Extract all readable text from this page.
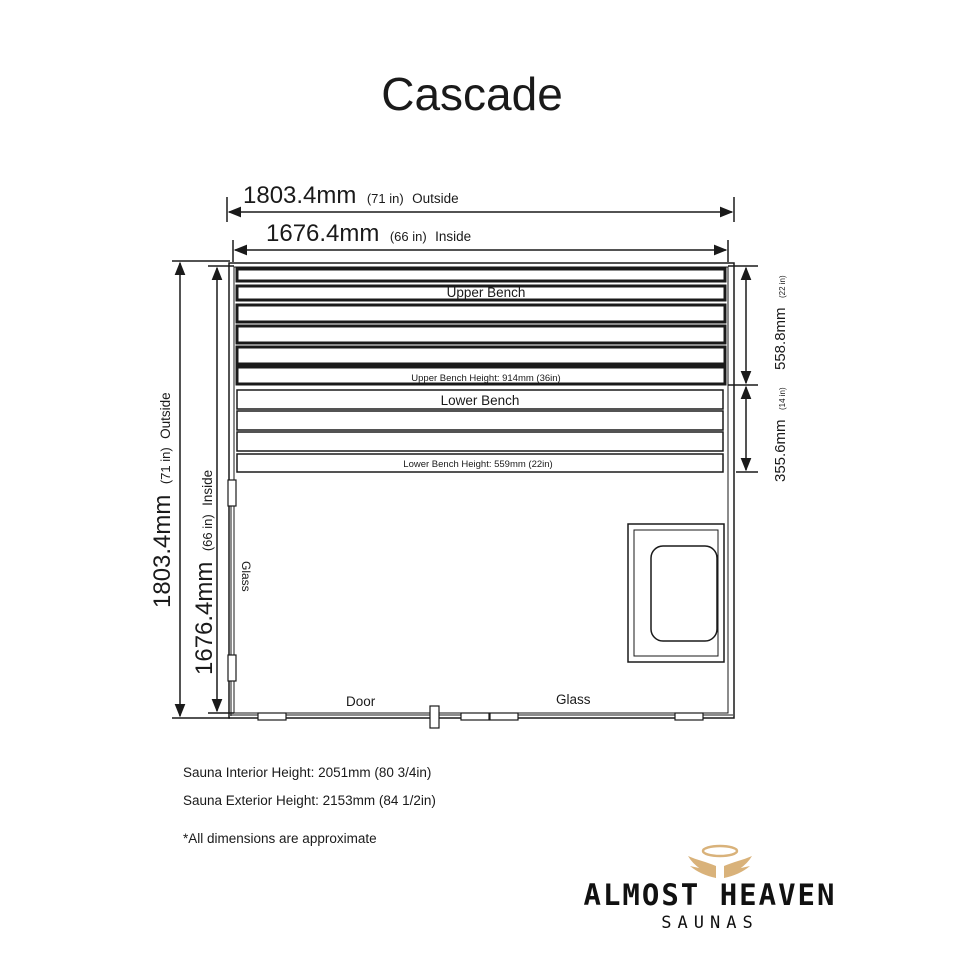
Cascade
1803.4mm (71 in) Outside
1676.4mm (66 in) Inside
1803.4mm (71 in) Outside
1676.4mm (66 in) Inside
558.8mm (22 in)
355.6mm (14 in)
Upper Bench
Upper Bench Height: 914mm (36in)
Lower Bench
Lower Bench Height: 559mm (22in)
Glass
Door	Glass
Sauna Interior Height: 2051mm (80 3/4in)
Sauna Exterior Height: 2153mm (84 1/2in)
*All dimensions are approximate
ALMOST HEAVEN
SAUNAS
